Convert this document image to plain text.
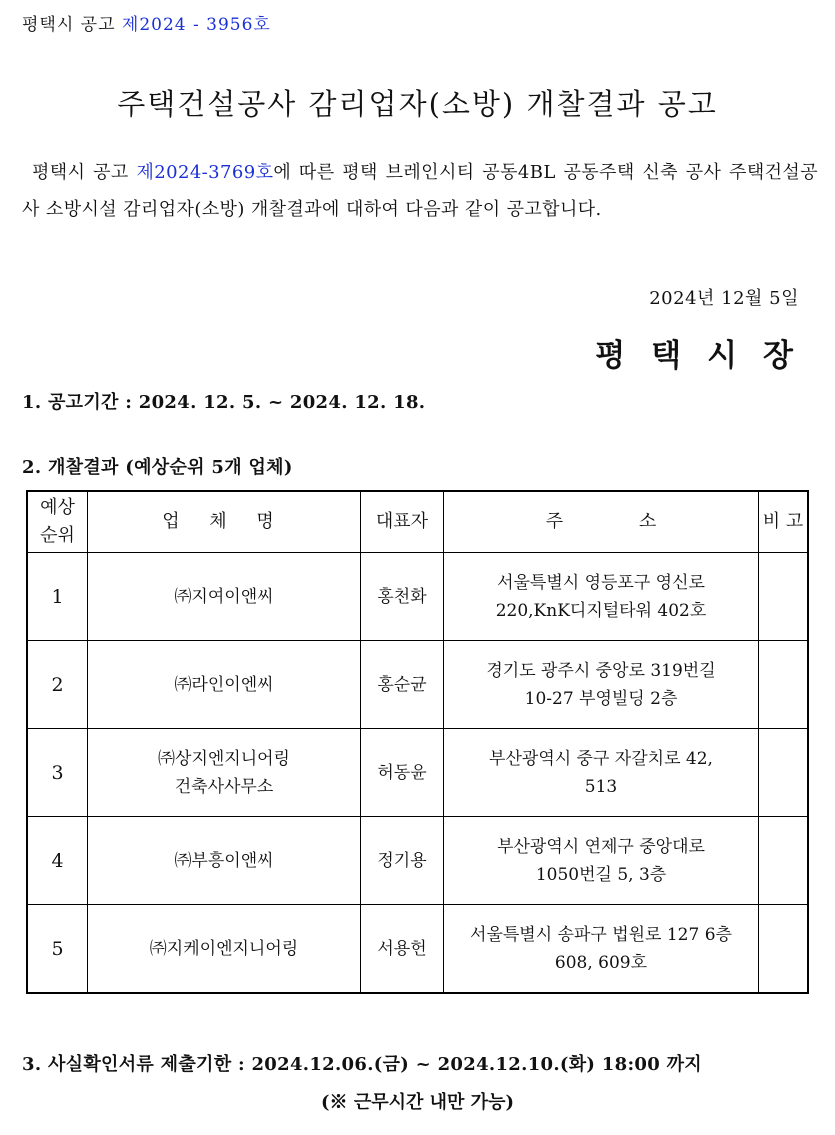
평택시 공고 제2024 - 3956호
주택건설공사 감리업자(소방) 개찰결과 공고
평택시 공고 제2024-3769호에 따른 평택 브레인시티 공동4BL 공동주택 신축 공사 주택건설공사 소방시설 감리업자(소방) 개찰결과에 대하여 다음과 같이 공고합니다.
2024년 12월 5일
평택시장
1. 공고기간 : 2024. 12. 5. ~ 2024. 12. 18.
2. 개찰결과 (예상순위 5개 업체)
예상
순위	업 체 명	대표자	주 소	비 고
1	㈜지여이앤씨	홍천화	서울특별시 영등포구 영신로
220,KnK디지털타워 402호	
2	㈜라인이엔씨	홍순균	경기도 광주시 중앙로 319번길
10-27 부영빌딩 2층	
3	㈜상지엔지니어링
건축사사무소	허동윤	부산광역시 중구 자갈치로 42,
513	
4	㈜부흥이앤씨	정기용	부산광역시 연제구 중앙대로
1050번길 5, 3층	
5	㈜지케이엔지니어링	서용헌	서울특별시 송파구 법원로 127 6층
608, 609호	
3. 사실확인서류 제출기한 : 2024.12.06.(금) ~ 2024.12.10.(화) 18:00 까지
(※ 근무시간 내만 가능)
